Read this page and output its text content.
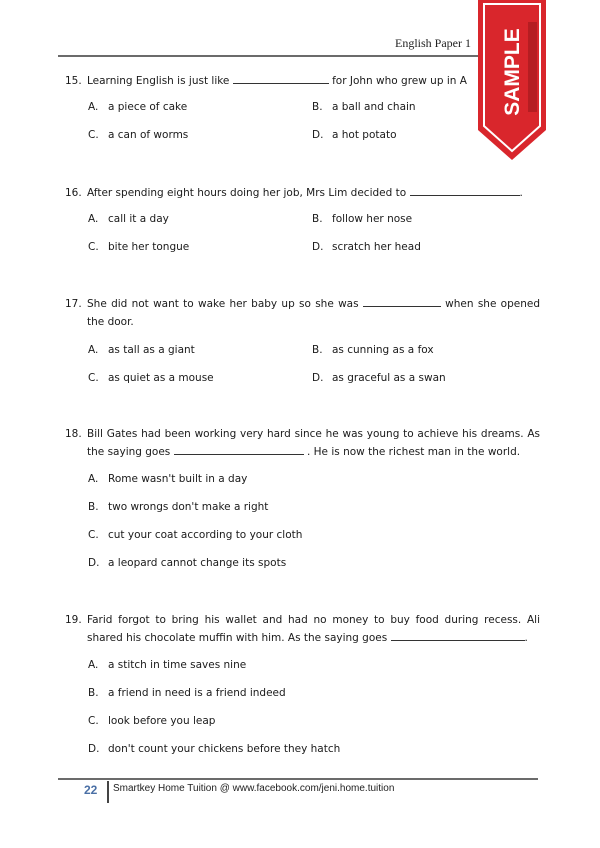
English Paper 1
15. Learning English is just like	for John who grew up in A
A. a piece of cake	B. a ball and chain
C. a can of worms	D. a hot potato
16. After spending eight hours doing her job, Mrs Lim decided to	.
A. call it a day	B. follow her nose
C. bite her tongue	D. scratch her head
17. She did not want to wake her baby up so she was	when she opened the door.
A. as tall as a giant	B. as cunning as a fox
C. as quiet as a mouse	D. as graceful as a swan
18. Bill Gates had been working very hard since he was young to achieve his dreams. As the saying goes	. He is now the richest man in the world.
A. Rome wasn't built in a day
B. two wrongs don't make a right
C. cut your coat according to your cloth
D. a leopard cannot change its spots
19. Farid forgot to bring his wallet and had no money to buy food during recess. Ali shared his chocolate muffin with him. As the saying goes	.
A. a stitch in time saves nine
B. a friend in need is a friend indeed
C. look before you leap
D. don't count your chickens before they hatch
SAMPLE
22 Smartkey Home Tuition @ www.facebook.com/jeni.home.tuition
